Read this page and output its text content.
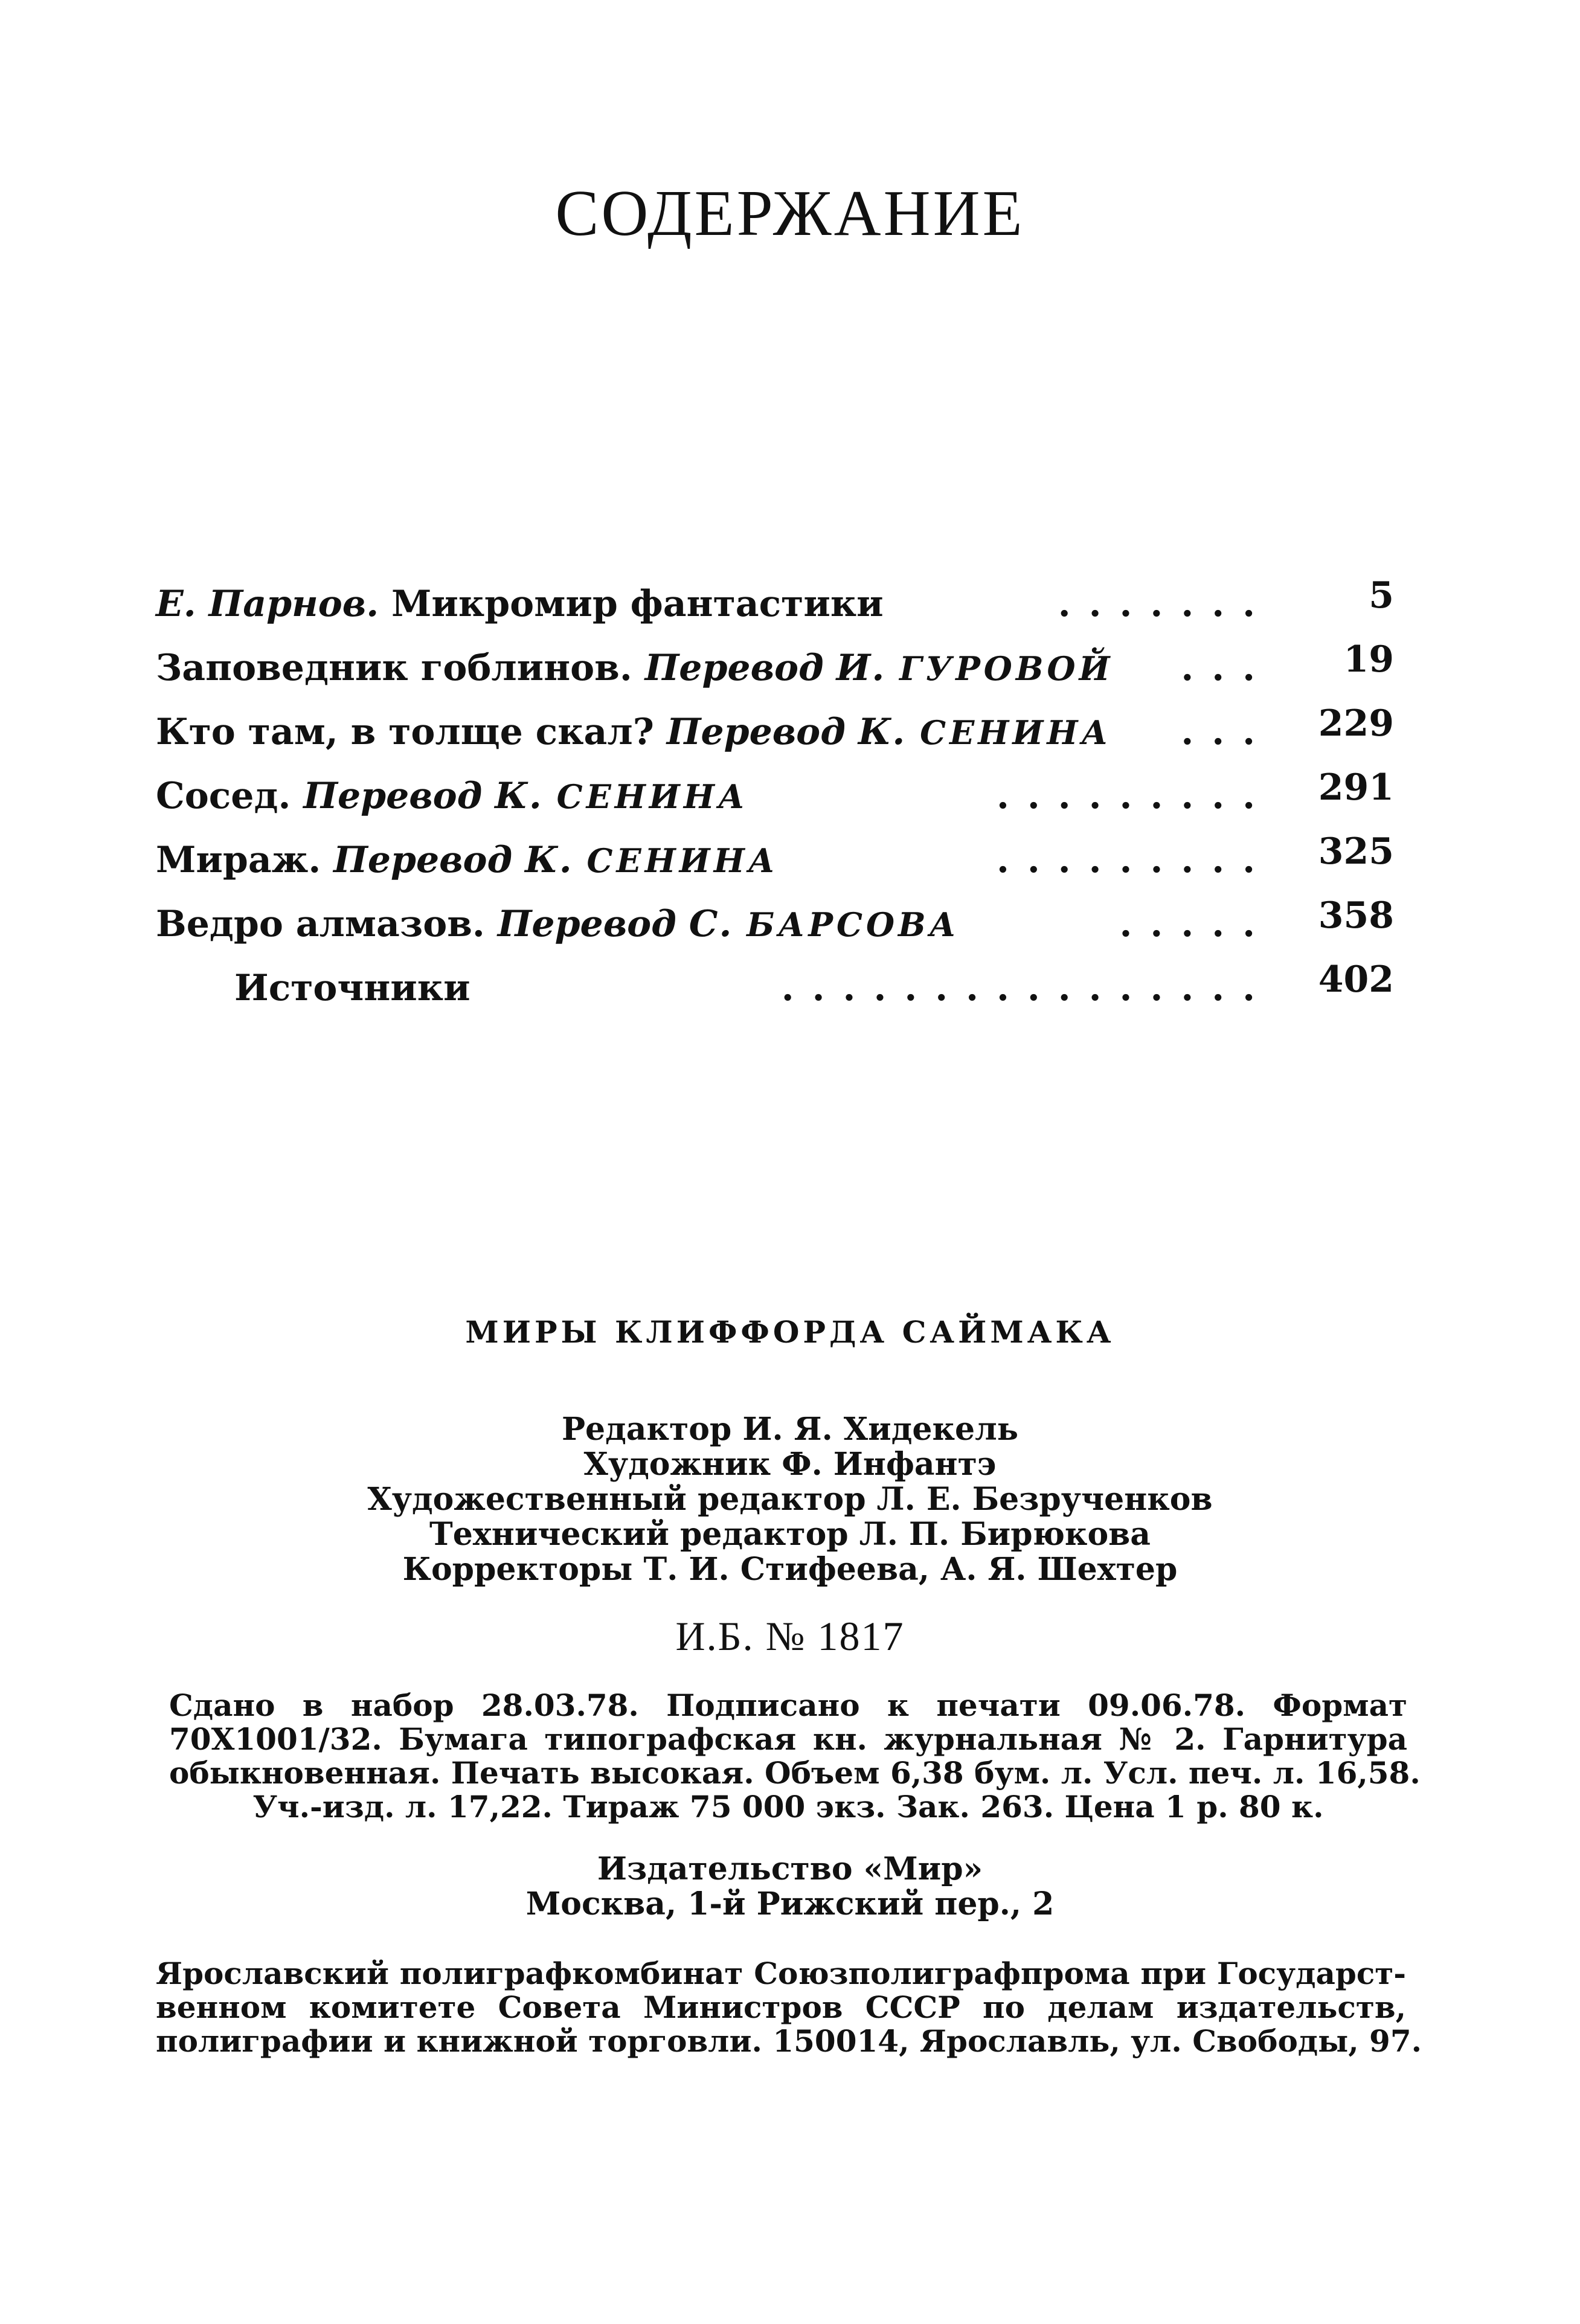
СОДЕРЖАНИЕ
Е. Парнов. Микромир фантастики	.......	5
Заповедник гоблинов. Перевод И. ГУРОВОЙ ... 19
Кто там, в толще скал? Перевод К. СЕНИНА ... 229
Сосед. Перевод К. СЕНИНА	......... 291
Мираж. Перевод К. СЕНИНА	......... 325
Ведро алмазов. Перевод С. БАРСОВА	..... 358
Источники	................ 402
МИРЫ КЛИФФОРДА САЙМАКА
Редактор И. Я. Хидекель
Художник Ф. Инфантэ
Художественный редактор Л. Е. Безрученков
Технический редактор Л. П. Бирюкова
Корректоры Т. И. Стифеева, А. Я. Шехтер
И.Б. № 1817
Сдано в набор 28.03.78. Подписано к печати 09.06.78. Формат
70Х1001/32. Бумага типографская кн. журнальная № 2. Гарнитура
обыкновенная. Печать высокая. Объем 6,38 бум. л. Усл. печ. л. 16,58.
Уч.-изд. л. 17,22. Тираж 75 000 экз. Зак. 263. Цена 1 р. 80 к.
Издательство «Мир»
Москва, 1-й Рижский пер., 2
Ярославский полиграфкомбинат Союзполиграфпрома при Государст-
венном комитете Совета Министров СССР по делам издательств,
полиграфии и книжной торговли. 150014, Ярославль, ул. Свободы, 97.
